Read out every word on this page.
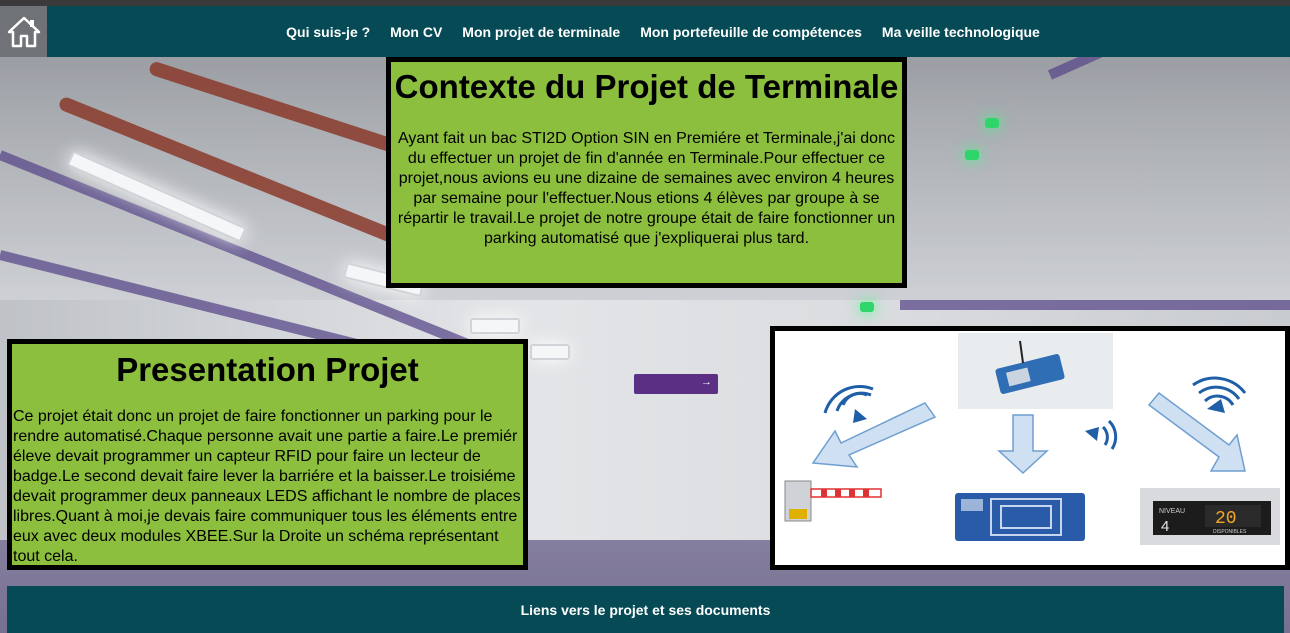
→
Qui suis-je ?	Mon CV	Mon projet de terminale	Mon portefeuille de compétences	Ma veille technologique
Contexte du Projet de Terminale

Ayant fait un bac STI2D Option SIN en Premiére et Terminale,j'ai donc du effectuer un projet de fin d'année en Terminale.Pour effectuer ce projet,nous avions eu une dizaine de semaines avec environ 4 heures par semaine pour l'effectuer.Nous etions 4 élèves par groupe à se répartir le travail.Le projet de notre groupe était de faire fonctionner un parking automatisé que j'expliquerai plus tard.

Presentation Projet

Ce projet était donc un projet de faire fonctionner un parking pour le rendre automatisé.Chaque personne avait une partie a faire.Le premiér éleve devait programmer un capteur RFID pour faire un lecteur de badge.Le second devait faire lever la barriére et la baisser.Le troisiéme devait programmer deux panneaux LEDS affichant le nombre de places libres.Quant à moi,je devais faire communiquer tous les éléments entre eux avec deux modules XBEE.Sur la Droite un schéma représentant tout cela.

NIVEAU
4	20
DISPONIBLES
Liens vers le projet et ses documents
